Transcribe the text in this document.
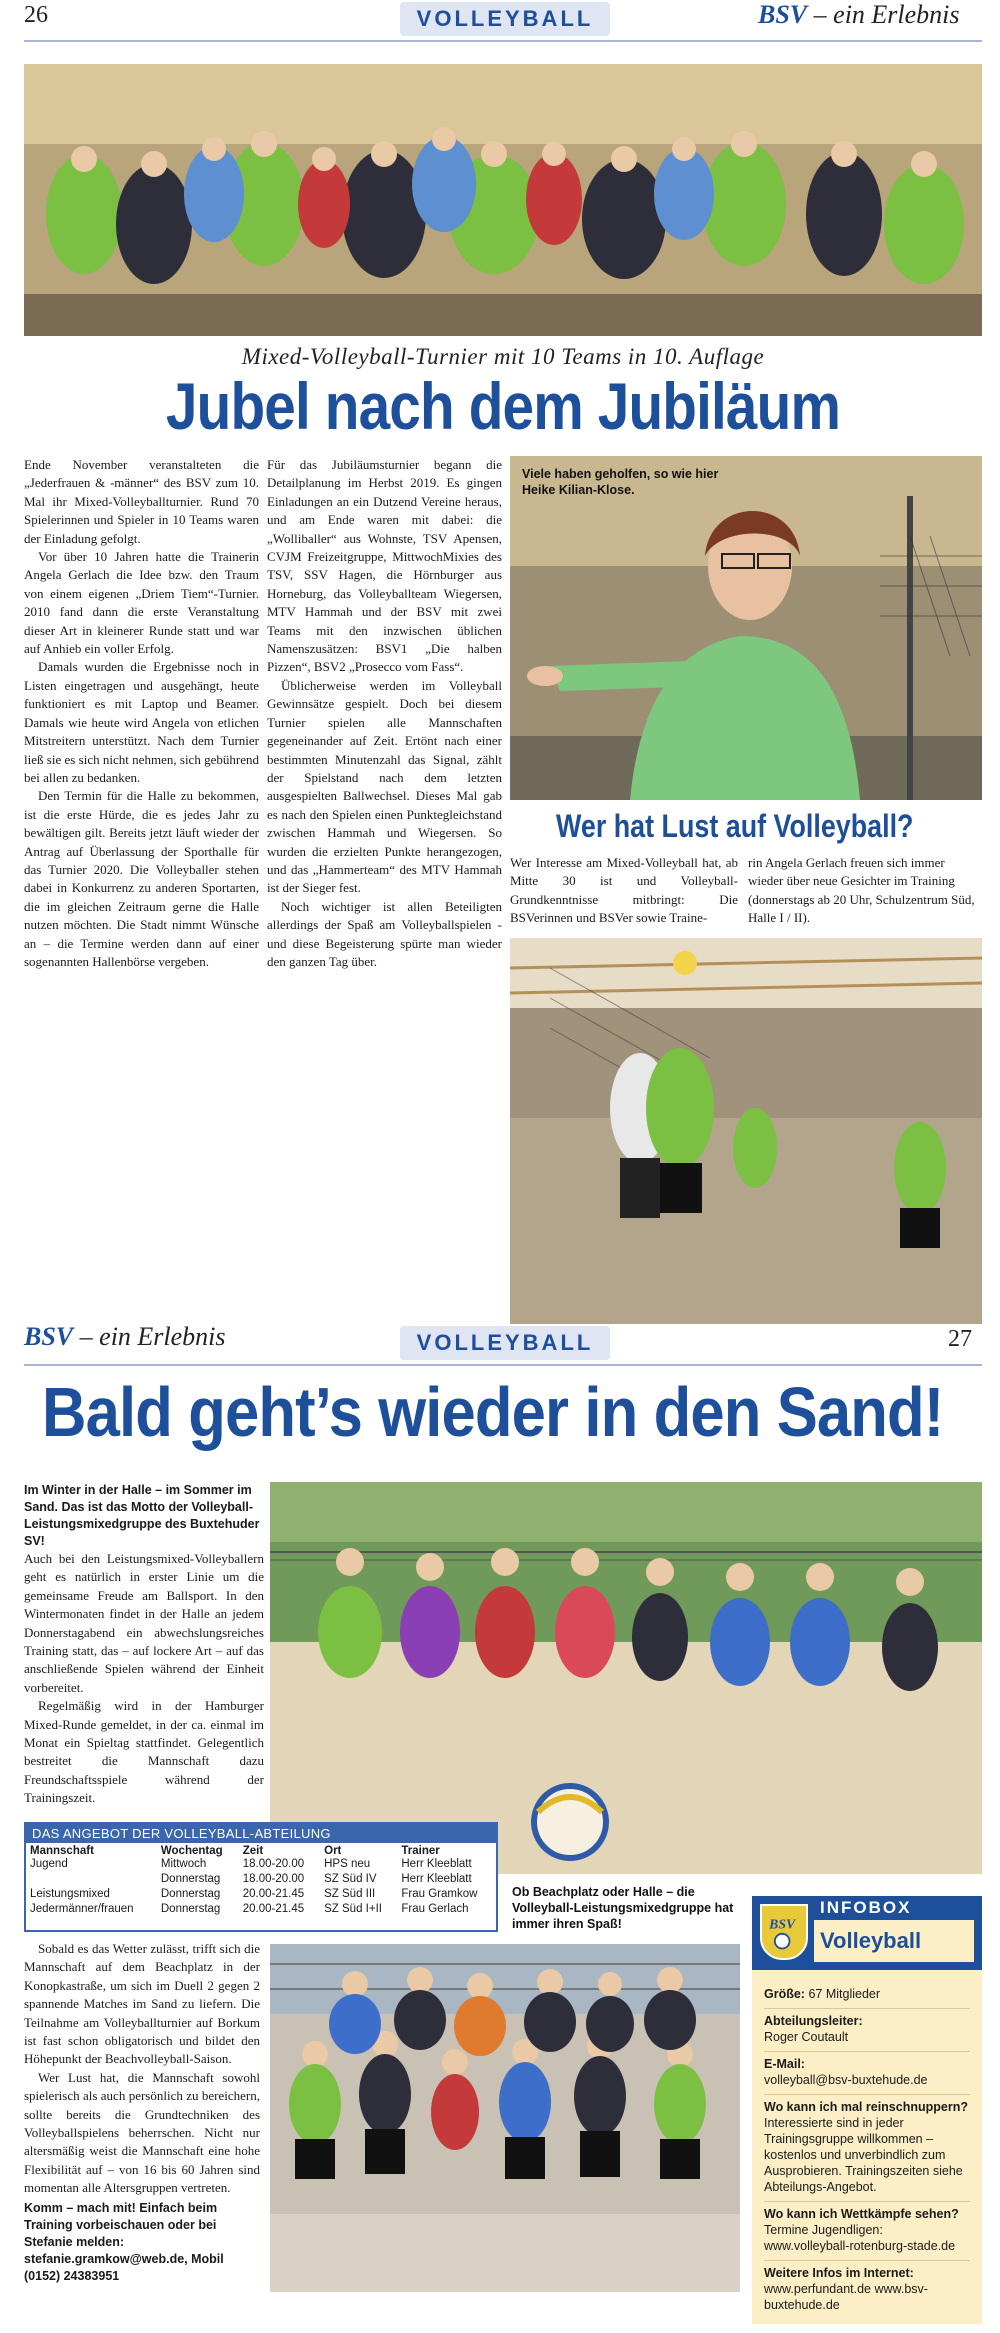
26	VOLLEYBALL	BSV – ein Erlebnis
Mixed-Volleyball-Turnier mit 10 Teams in 10. Auflage
Jubel nach dem Jubiläum

Ende November veranstalteten die „Jederfrauen & -männer“ des BSV zum 10. Mal ihr Mixed-Volleyballturnier. Rund 70 Spielerinnen und Spieler in 10 Teams waren der Einladung gefolgt.

Vor über 10 Jahren hatte die Trainerin Angela Gerlach die Idee bzw. den Traum von einem eigenen „Driem Tiem“-Turnier. 2010 fand dann die erste Veranstaltung dieser Art in kleinerer Runde statt und war auf Anhieb ein voller Erfolg.

Damals wurden die Ergebnisse noch in Listen eingetragen und ausgehängt, heute funktioniert es mit Laptop und Beamer. Damals wie heute wird Angela von etlichen Mitstreitern unterstützt. Nach dem Turnier ließ sie es sich nicht nehmen, sich gebührend bei allen zu bedanken.

Den Termin für die Halle zu bekommen, ist die erste Hürde, die es jedes Jahr zu bewältigen gilt. Bereits jetzt läuft wieder der Antrag auf Überlassung der Sporthalle für das Turnier 2020. Die Volleyballer stehen dabei in Konkurrenz zu anderen Sportarten, die im gleichen Zeitraum gerne die Halle nutzen möchten. Die Stadt nimmt Wünsche an – die Termine werden dann auf einer sogenannten Hallenbörse vergeben.

Für das Jubiläumsturnier begann die Detailplanung im Herbst 2019. Es gingen Einladungen an ein Dutzend Vereine heraus, und am Ende waren mit dabei: die „Wolliballer“ aus Wohnste, TSV Apensen, CVJM Freizeitgruppe, MittwochMixies des TSV, SSV Hagen, die Hörnburger aus Horneburg, das Volleyballteam Wiegersen, MTV Hammah und der BSV mit zwei Teams mit den inzwischen üblichen Namenszusätzen: BSV1 „Die halben Pizzen“, BSV2 „Prosecco vom Fass“.

Üblicherweise werden im Volleyball Gewinnsätze gespielt. Doch bei diesem Turnier spielen alle Mannschaften gegeneinander auf Zeit. Ertönt nach einer bestimmten Minutenzahl das Signal, zählt der Spielstand nach dem letzten ausgespielten Ballwechsel. Dieses Mal gab es nach den Spielen einen Punktegleichstand zwischen Hammah und Wiegersen. So wurden die erzielten Punkte herangezogen, und das „Hammerteam“ des MTV Hammah ist der Sieger fest.

Noch wichtiger ist allen Beteiligten allerdings der Spaß am Volleyballspielen - und diese Begeisterung spürte man wieder den ganzen Tag über.

Viele haben geholfen, so wie hier Heike Kilian-Klose.
Wer hat Lust auf Volleyball?

Wer Interesse am Mixed-Volleyball hat, ab Mitte 30 ist und Volleyball-Grundkenntnisse mitbringt: Die BSVerinnen und BSVer sowie Traine-

rin Angela Gerlach freuen sich immer wieder über neue Gesichter im Training (donnerstags ab 20 Uhr, Schulzentrum Süd, Halle I / II).

BSV – ein Erlebnis	VOLLEYBALL	27
Bald geht’s wieder in den Sand!
Im Winter in der Halle – im Sommer im Sand. Das ist das Motto der Volleyball-Leistungsmixedgruppe des Buxtehuder SV!

Auch bei den Leistungsmixed-Volleyballern geht es natürlich in erster Linie um die gemeinsame Freude am Ballsport. In den Wintermonaten findet in der Halle an jedem Donnerstagabend ein abwechslungsreiches Training statt, das – auf lockere Art – auf das anschließende Spielen während der Einheit vorbereitet.

Regelmäßig wird in der Hamburger Mixed-Runde gemeldet, in der ca. einmal im Monat ein Spieltag stattfindet. Gelegentlich bestreitet die Mannschaft dazu Freundschaftsspiele während der Trainingszeit.

DAS ANGEBOT DER VOLLEYBALL-ABTEILUNG
Mannschaft	Wochentag	Zeit	Ort	Trainer
Jugend	Mittwoch	18.00-20.00	HPS neu	Herr Kleeblatt
	Donnerstag	18.00-20.00	SZ Süd IV	Herr Kleeblatt
Leistungsmixed	Donnerstag	20.00-21.45	SZ Süd III	Frau Gramkow
Jedermänner/frauen	Donnerstag	20.00-21.45	SZ Süd I+II	Frau Gerlach
Ob Beachplatz oder Halle – die Volleyball-Leistungsmixedgruppe hat immer ihren Spaß!

Sobald es das Wetter zulässt, trifft sich die Mannschaft auf dem Beachplatz in der Konopkastraße, um sich im Duell 2 gegen 2 spannende Matches im Sand zu liefern. Die Teilnahme am Volleyballturnier auf Borkum ist fast schon obligatorisch und bildet den Höhepunkt der Beachvolleyball-Saison.

Wer Lust hat, die Mannschaft sowohl spielerisch als auch persönlich zu bereichern, sollte bereits die Grundtechniken des Volleyballspielens beherrschen. Nicht nur altersmäßig weist die Mannschaft eine hohe Flexibilität auf – von 16 bis 60 Jahren sind momentan alle Altersgruppen vertreten.

Komm – mach mit! Einfach beim Training vorbeischauen oder bei Stefanie melden: stefanie.gramkow@web.de, Mobil (0152) 24383951
BSV
INFOBOX
Volleyball
Größe: 67 Mitglieder
Abteilungsleiter:
Roger Coutault
E-Mail:
volleyball@bsv-buxtehude.de
Wo kann ich mal reinschnuppern?
Interessierte sind in jeder Trainingsgruppe willkommen – kostenlos und unverbindlich zum Ausprobieren. Trainingszeiten siehe Abteilungs-Angebot.
Wo kann ich Wettkämpfe sehen?
Termine Jugendligen: www.volleyball-rotenburg-stade.de
Weitere Infos im Internet:
www.perfundant.de www.bsv-buxtehude.de
